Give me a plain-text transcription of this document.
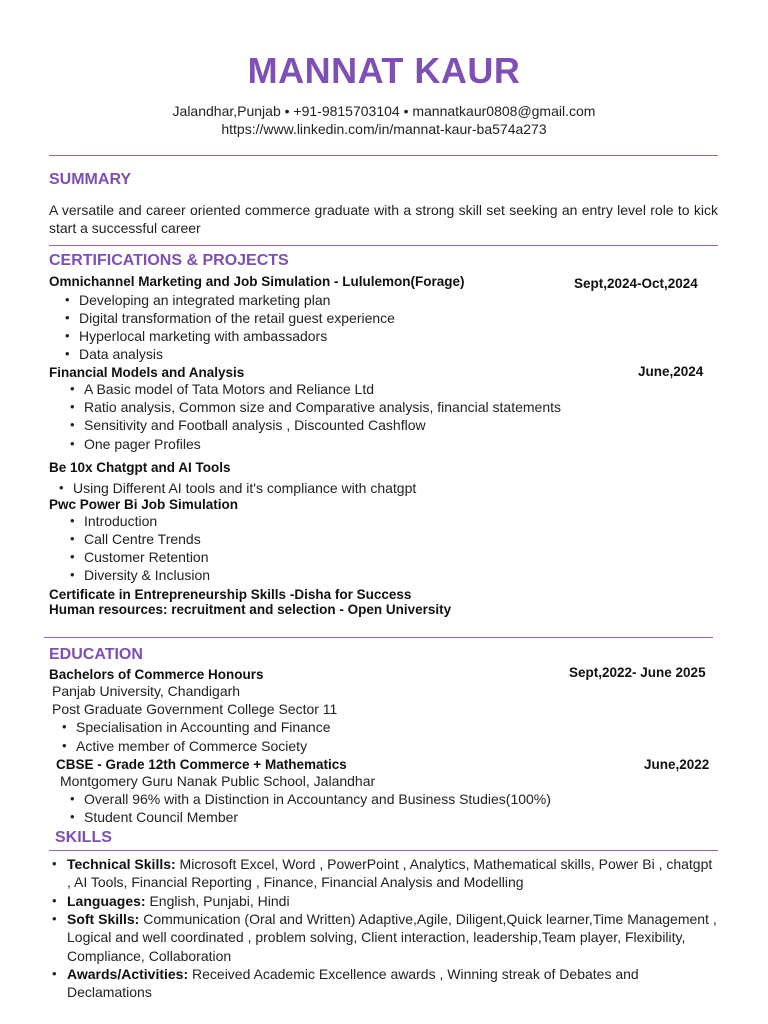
MANNAT KAUR
Jalandhar,Punjab • +91-9815703104 • mannatkaur0808@gmail.com
https://www.linkedin.com/in/mannat-kaur-ba574a273
SUMMARY
A versatile and career oriented commerce graduate with a strong skill set seeking an entry level role to kick start a successful career
CERTIFICATIONS & PROJECTS
Omnichannel Marketing and Job Simulation - Lululemon(Forage)	Sept,2024-Oct,2024
• Developing an integrated marketing plan
• Digital transformation of the retail guest experience
• Hyperlocal marketing with ambassadors
• Data analysis
Financial Models and Analysis	June,2024
• A Basic model of Tata Motors and Reliance Ltd
• Ratio analysis, Common size and Comparative analysis, financial statements
• Sensitivity and Football analysis , Discounted Cashflow
• One pager Profiles
Be 10x Chatgpt and AI Tools
• Using Different AI tools and it's compliance with chatgpt
Pwc Power Bi Job Simulation
• Introduction
• Call Centre Trends
• Customer Retention
• Diversity & Inclusion
Certificate in Entrepreneurship Skills -Disha for Success
Human resources: recruitment and selection - Open University
EDUCATION
Bachelors of Commerce Honours	Sept,2022- June 2025
Panjab University, Chandigarh
Post Graduate Government College Sector 11
• Specialisation in Accounting and Finance
• Active member of Commerce Society
CBSE - Grade 12th Commerce + Mathematics	June,2022
Montgomery Guru Nanak Public School, Jalandhar
• Overall 96% with a Distinction in Accountancy and Business Studies(100%)
• Student Council Member
SKILLS
• Technical Skills: Microsoft Excel, Word , PowerPoint , Analytics, Mathematical skills, Power Bi , chatgpt , AI Tools, Financial Reporting , Finance, Financial Analysis and Modelling
• Languages: English, Punjabi, Hindi
• Soft Skills: Communication (Oral and Written) Adaptive,Agile, Diligent,Quick learner,Time Management , Logical and well coordinated , problem solving, Client interaction, leadership,Team player, Flexibility, Compliance, Collaboration
• Awards/Activities: Received Academic Excellence awards , Winning streak of Debates and Declamations
